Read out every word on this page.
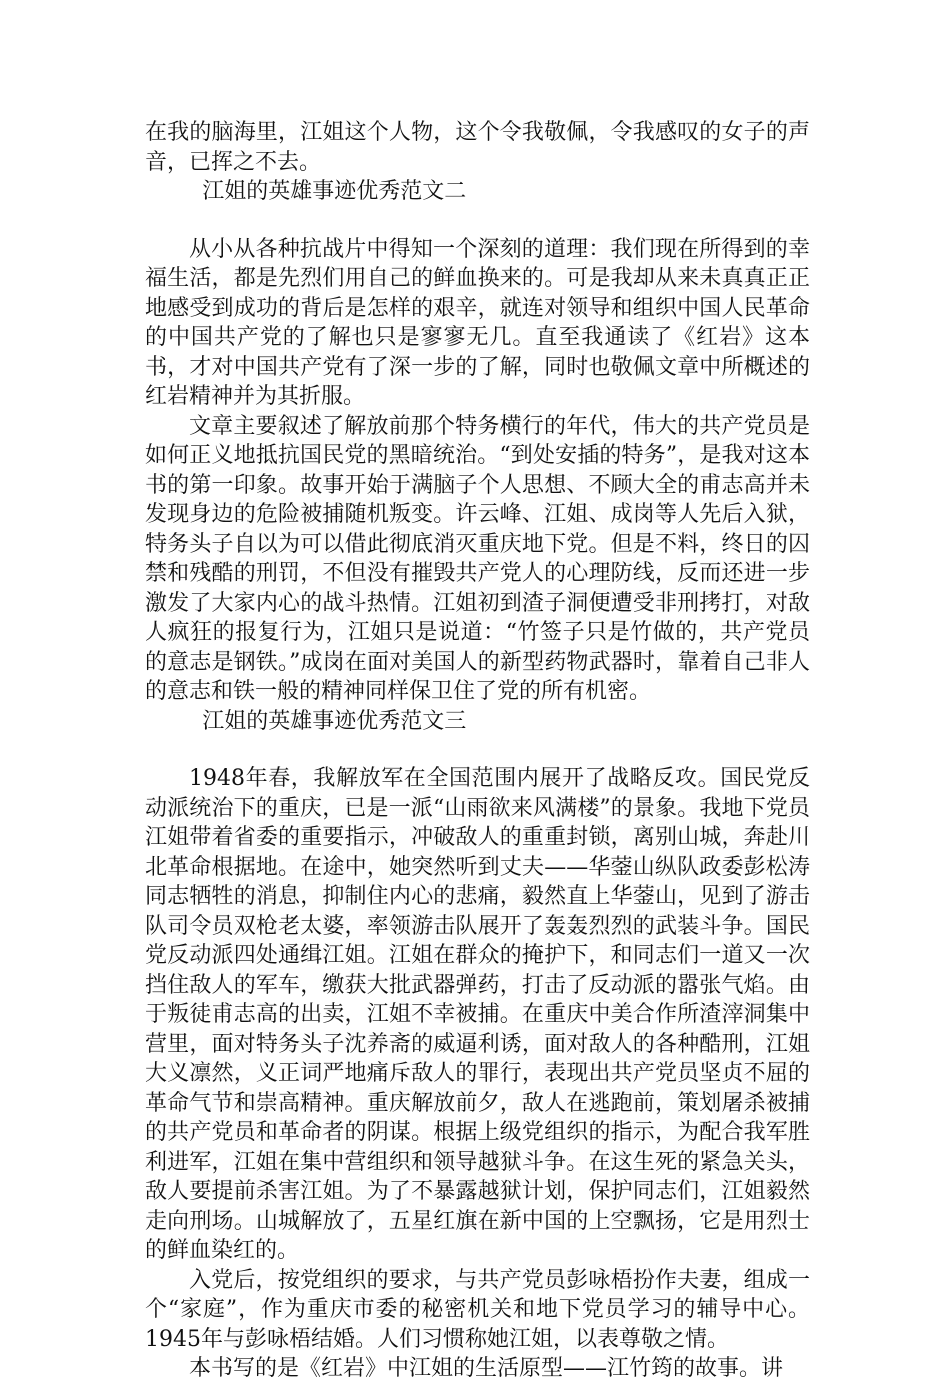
在我的脑海里，江姐这个人物，这个令我敬佩，令我感叹的女子的声音，已挥之不去。

江姐的英雄事迹优秀范文二

从小从各种抗战片中得知一个深刻的道理：我们现在所得到的幸福生活，都是先烈们用自己的鲜血换来的。可是我却从来未真真正正地感受到成功的背后是怎样的艰辛，就连对领导和组织中国人民革命的中国共产党的了解也只是寥寥无几。直至我通读了《红岩》这本书，才对中国共产党有了深一步的了解，同时也敬佩文章中所概述的红岩精神并为其折服。

文章主要叙述了解放前那个特务横行的年代，伟大的共产党员是如何正义地抵抗国民党的黑暗统治。“到处安插的特务”，是我对这本书的第一印象。故事开始于满脑子个人思想、不顾大全的甫志高并未发现身边的危险被捕随机叛变。许云峰、江姐、成岗等人先后入狱，特务头子自以为可以借此彻底消灭重庆地下党。但是不料，终日的囚禁和残酷的刑罚，不但没有摧毁共产党人的心理防线，反而还进一步激发了大家内心的战斗热情。江姐初到渣子洞便遭受非刑拷打，对敌人疯狂的报复行为，江姐只是说道：“竹签子只是竹做的，共产党员的意志是钢铁。”成岗在面对美国人的新型药物武器时，靠着自己非人的意志和铁一般的精神同样保卫住了党的所有机密。

江姐的英雄事迹优秀范文三

1948年春，我解放军在全国范围内展开了战略反攻。国民党反动派统治下的重庆，已是一派“山雨欲来风满楼”的景象。我地下党员江姐带着省委的重要指示，冲破敌人的重重封锁，离别山城，奔赴川北革命根据地。在途中，她突然听到丈夫——华蓥山纵队政委彭松涛同志牺牲的消息，抑制住内心的悲痛，毅然直上华蓥山，见到了游击队司令员双枪老太婆，率领游击队展开了轰轰烈烈的武装斗争。国民党反动派四处通缉江姐。江姐在群众的掩护下，和同志们一道又一次挡住敌人的军车，缴获大批武器弹药，打击了反动派的嚣张气焰。由于叛徒甫志高的出卖，江姐不幸被捕。在重庆中美合作所渣滓洞集中营里，面对特务头子沈养斋的威逼利诱，面对敌人的各种酷刑，江姐大义凛然，义正词严地痛斥敌人的罪行，表现出共产党员坚贞不屈的革命气节和崇高精神。重庆解放前夕，敌人在逃跑前，策划屠杀被捕的共产党员和革命者的阴谋。根据上级党组织的指示，为配合我军胜利进军，江姐在集中营组织和领导越狱斗争。在这生死的紧急关头，敌人要提前杀害江姐。为了不暴露越狱计划，保护同志们，江姐毅然走向刑场。山城解放了，五星红旗在新中国的上空飘扬，它是用烈士的鲜血染红的。

入党后，按党组织的要求，与共产党员彭咏梧扮作夫妻，组成一个“家庭”，作为重庆市委的秘密机关和地下党员学习的辅导中心。1945年与彭咏梧结婚。人们习惯称她江姐，以表尊敬之情。

本书写的是《红岩》中江姐的生活原型——江竹筠的故事。讲
